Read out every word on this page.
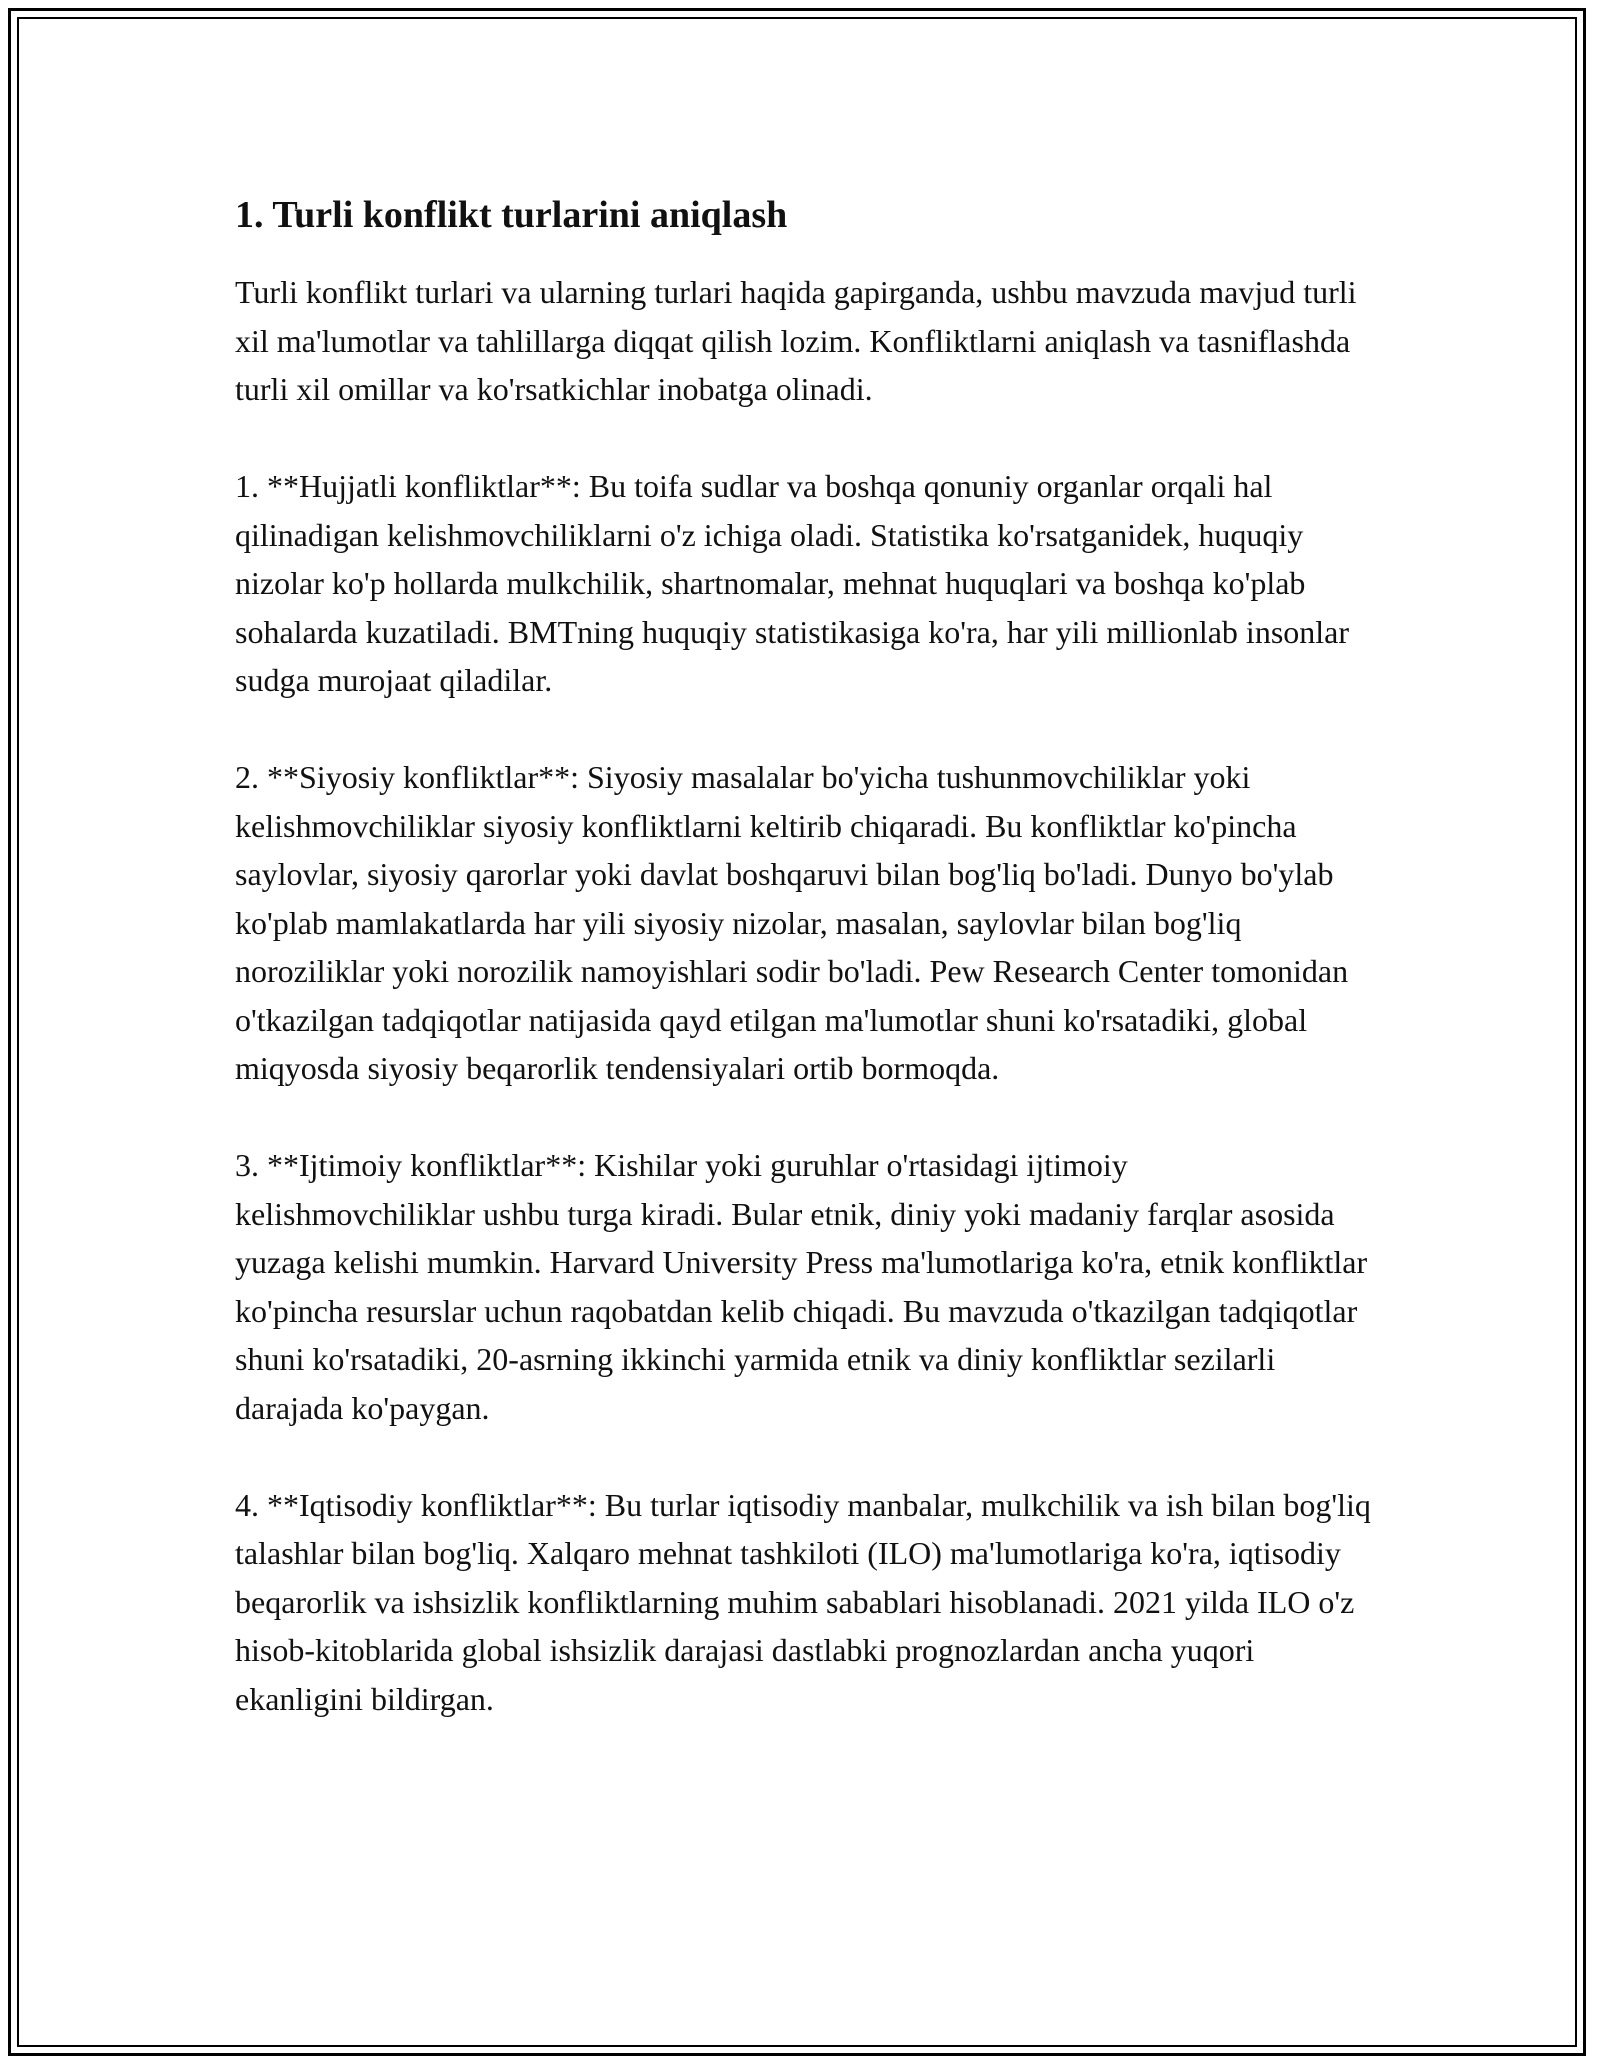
1. Turli konflikt turlarini aniqlash

Turli konflikt turlari va ularning turlari haqida gapirganda, ushbu mavzuda mavjud turli xil ma'lumotlar va tahlillarga diqqat qilish lozim. Konfliktlarni aniqlash va tasniflashda turli xil omillar va ko'rsatkichlar inobatga olinadi.

1. **Hujjatli konfliktlar**: Bu toifa sudlar va boshqa qonuniy organlar orqali hal qilinadigan kelishmovchiliklarni o'z ichiga oladi. Statistika ko'rsatganidek, huquqiy nizolar ko'p hollarda mulkchilik, shartnomalar, mehnat huquqlari va boshqa ko'plab sohalarda kuzatiladi. BMTning huquqiy statistikasiga ko'ra, har yili millionlab insonlar sudga murojaat qiladilar.

2. **Siyosiy konfliktlar**: Siyosiy masalalar bo'yicha tushunmovchiliklar yoki kelishmovchiliklar siyosiy konfliktlarni keltirib chiqaradi. Bu konfliktlar ko'pincha saylovlar, siyosiy qarorlar yoki davlat boshqaruvi bilan bog'liq bo'ladi. Dunyo bo'ylab ko'plab mamlakatlarda har yili siyosiy nizolar, masalan, saylovlar bilan bog'liq noroziliklar yoki norozilik namoyishlari sodir bo'ladi. Pew Research Center tomonidan o'tkazilgan tadqiqotlar natijasida qayd etilgan ma'lumotlar shuni ko'rsatadiki, global miqyosda siyosiy beqarorlik tendensiyalari ortib bormoqda.

3. **Ijtimoiy konfliktlar**: Kishilar yoki guruhlar o'rtasidagi ijtimoiy kelishmovchiliklar ushbu turga kiradi. Bular etnik, diniy yoki madaniy farqlar asosida yuzaga kelishi mumkin. Harvard University Press ma'lumotlariga ko'ra, etnik konfliktlar ko'pincha resurslar uchun raqobatdan kelib chiqadi. Bu mavzuda o'tkazilgan tadqiqotlar shuni ko'rsatadiki, 20-asrning ikkinchi yarmida etnik va diniy konfliktlar sezilarli darajada ko'paygan.

4. **Iqtisodiy konfliktlar**: Bu turlar iqtisodiy manbalar, mulkchilik va ish bilan bog'liq talashlar bilan bog'liq. Xalqaro mehnat tashkiloti (ILO) ma'lumotlariga ko'ra, iqtisodiy beqarorlik va ishsizlik konfliktlarning muhim sabablari hisoblanadi. 2021 yilda ILO o'z hisob-kitoblarida global ishsizlik darajasi dastlabki prognozlardan ancha yuqori ekanligini bildirgan.
